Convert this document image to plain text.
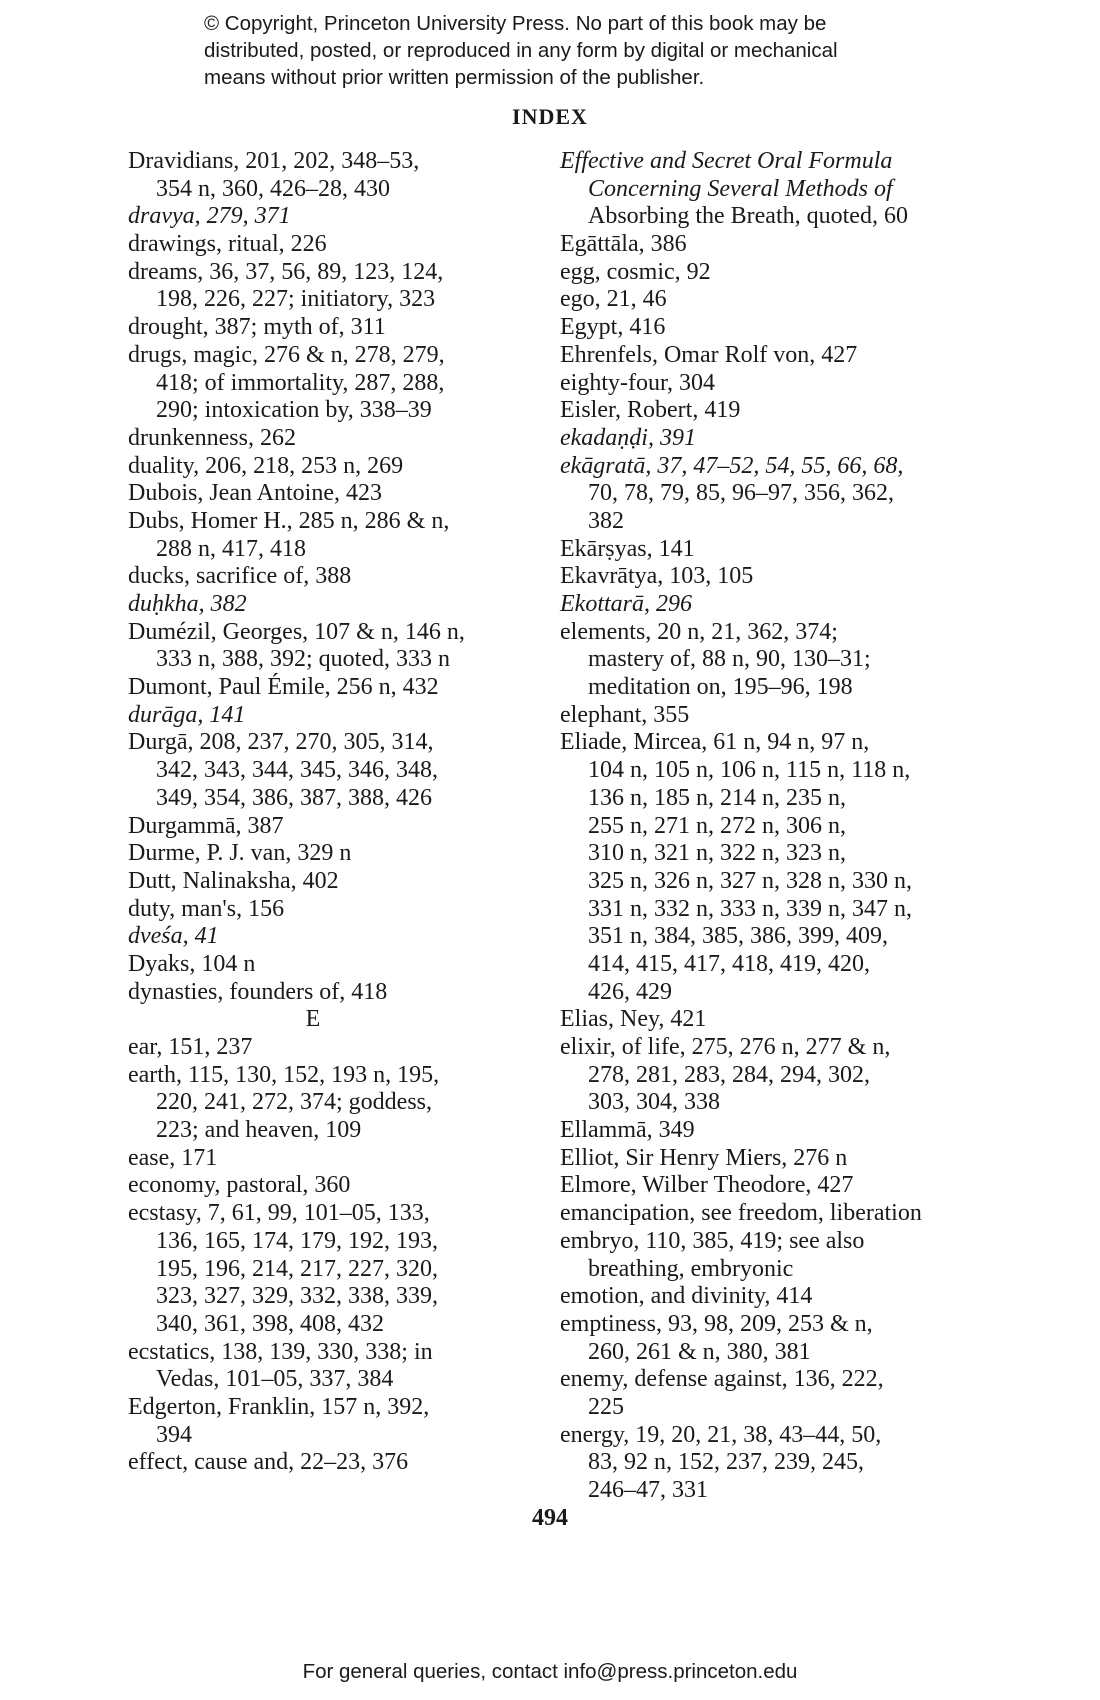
© Copyright, Princeton University Press. No part of this book may be
distributed, posted, or reproduced in any form by digital or mechanical
means without prior written permission of the publisher.
INDEX
Dravidians, 201, 202, 348–53,
354 n, 360, 426–28, 430
dravya, 279, 371
drawings, ritual, 226
dreams, 36, 37, 56, 89, 123, 124,
198, 226, 227; initiatory, 323
drought, 387; myth of, 311
drugs, magic, 276 & n, 278, 279,
418; of immortality, 287, 288,
290; intoxication by, 338–39
drunkenness, 262
duality, 206, 218, 253 n, 269
Dubois, Jean Antoine, 423
Dubs, Homer H., 285 n, 286 & n,
288 n, 417, 418
ducks, sacrifice of, 388
duḥkha, 382
Dumézil, Georges, 107 & n, 146 n,
333 n, 388, 392; quoted, 333 n
Dumont, Paul Émile, 256 n, 432
durāga, 141
Durgā, 208, 237, 270, 305, 314,
342, 343, 344, 345, 346, 348,
349, 354, 386, 387, 388, 426
Durgammā, 387
Durme, P. J. van, 329 n
Dutt, Nalinaksha, 402
duty, man's, 156
dveśa, 41
Dyaks, 104 n
dynasties, founders of, 418
E
ear, 151, 237
earth, 115, 130, 152, 193 n, 195,
220, 241, 272, 374; goddess,
223; and heaven, 109
ease, 171
economy, pastoral, 360
ecstasy, 7, 61, 99, 101–05, 133,
136, 165, 174, 179, 192, 193,
195, 196, 214, 217, 227, 320,
323, 327, 329, 332, 338, 339,
340, 361, 398, 408, 432
ecstatics, 138, 139, 330, 338; in
Vedas, 101–05, 337, 384
Edgerton, Franklin, 157 n, 392,
394
effect, cause and, 22–23, 376
Effective and Secret Oral Formula
Concerning Several Methods of
Absorbing the Breath, quoted, 60
Egāttāla, 386
egg, cosmic, 92
ego, 21, 46
Egypt, 416
Ehrenfels, Omar Rolf von, 427
eighty-four, 304
Eisler, Robert, 419
ekadaṇḍi, 391
ekāgratā, 37, 47–52, 54, 55, 66, 68,
70, 78, 79, 85, 96–97, 356, 362,
382
Ekārṣyas, 141
Ekavrātya, 103, 105
Ekottarā, 296
elements, 20 n, 21, 362, 374;
mastery of, 88 n, 90, 130–31;
meditation on, 195–96, 198
elephant, 355
Eliade, Mircea, 61 n, 94 n, 97 n,
104 n, 105 n, 106 n, 115 n, 118 n,
136 n, 185 n, 214 n, 235 n,
255 n, 271 n, 272 n, 306 n,
310 n, 321 n, 322 n, 323 n,
325 n, 326 n, 327 n, 328 n, 330 n,
331 n, 332 n, 333 n, 339 n, 347 n,
351 n, 384, 385, 386, 399, 409,
414, 415, 417, 418, 419, 420,
426, 429
Elias, Ney, 421
elixir, of life, 275, 276 n, 277 & n,
278, 281, 283, 284, 294, 302,
303, 304, 338
Ellammā, 349
Elliot, Sir Henry Miers, 276 n
Elmore, Wilber Theodore, 427
emancipation, see freedom, liberation
embryo, 110, 385, 419; see also
breathing, embryonic
emotion, and divinity, 414
emptiness, 93, 98, 209, 253 & n,
260, 261 & n, 380, 381
enemy, defense against, 136, 222,
225
energy, 19, 20, 21, 38, 43–44, 50,
83, 92 n, 152, 237, 239, 245,
246–47, 331
494
For general queries, contact info@press.princeton.edu
